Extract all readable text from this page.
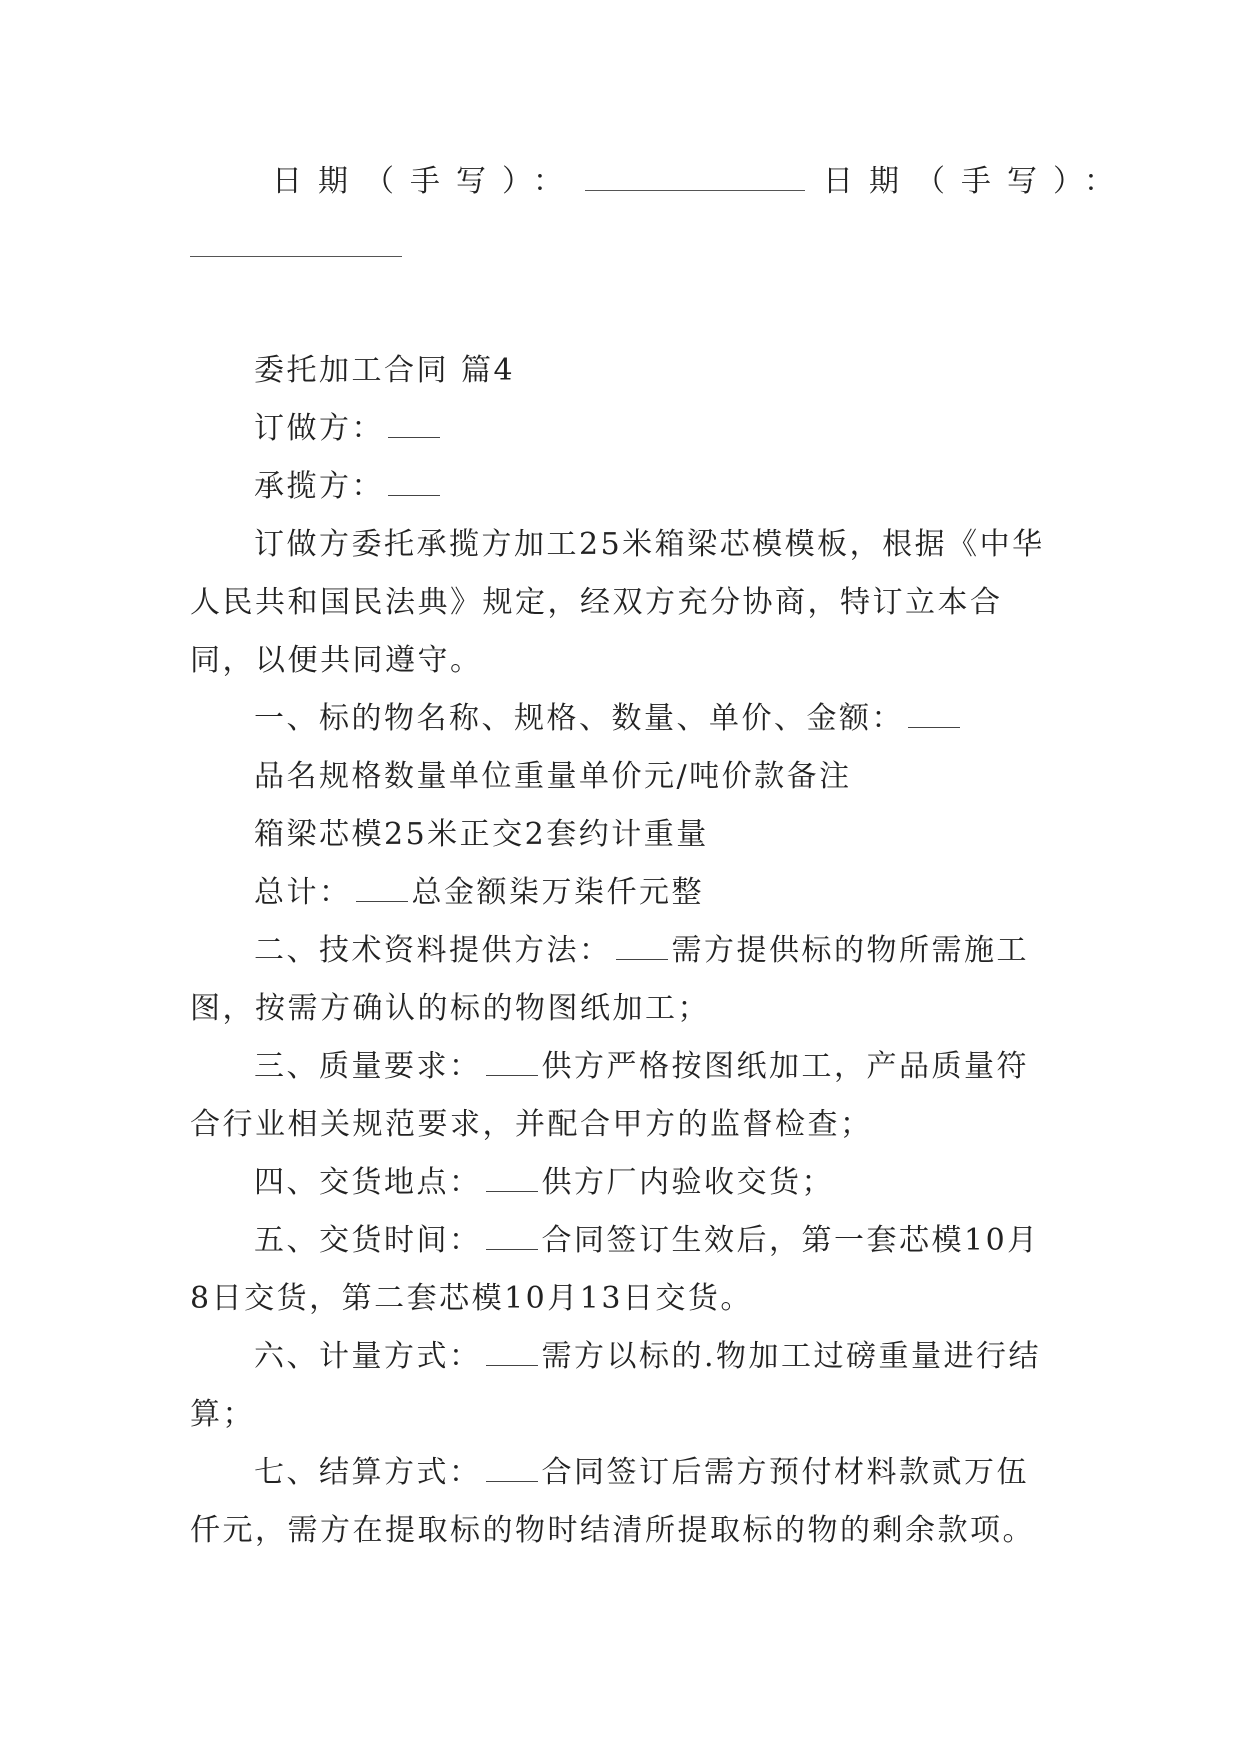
日期（手写）：	日期（手写）：

委托加工合同 篇4

订做方：

承揽方：

订做方委托承揽方加工25米箱梁芯模模板，根据《中华人民共和国民法典》规定，经双方充分协商，特订立本合同，以便共同遵守。

一、标的物名称、规格、数量、单价、金额：

品名规格数量单位重量单价元/吨价款备注

箱梁芯模25米正交2套约计重量

总计： 总金额柒万柒仟元整

二、技术资料提供方法： 需方提供标的物所需施工图，按需方确认的标的物图纸加工；

三、质量要求： 供方严格按图纸加工，产品质量符合行业相关规范要求，并配合甲方的监督检查；

四、交货地点： 供方厂内验收交货；

五、交货时间： 合同签订生效后，第一套芯模10月8日交货，第二套芯模10月13日交货。

六、计量方式： 需方以标的.物加工过磅重量进行结算；

七、结算方式： 合同签订后需方预付材料款贰万伍仟元，需方在提取标的物时结清所提取标的物的剩余款项。
